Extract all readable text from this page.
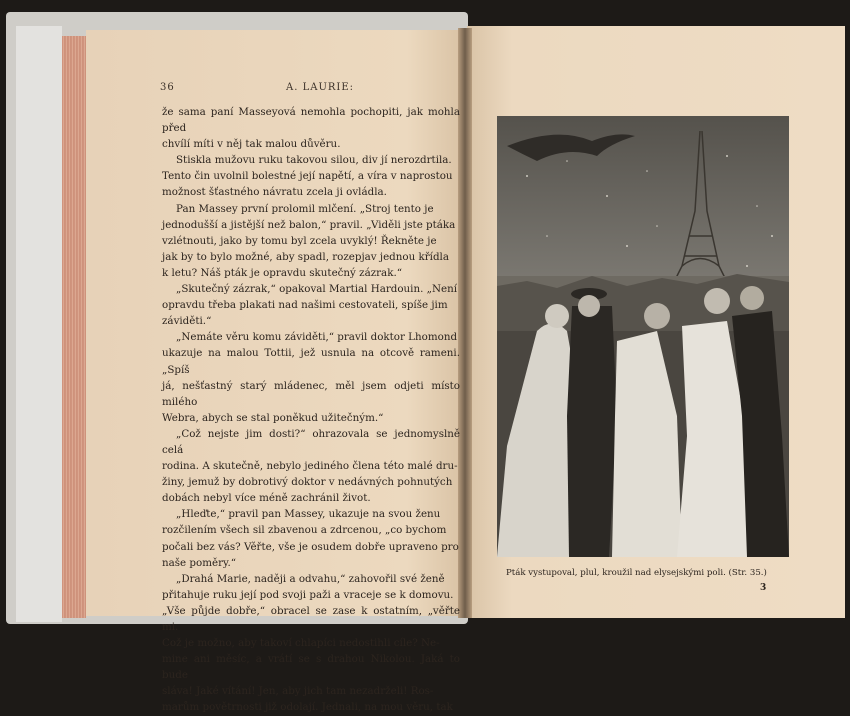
36	A. LAURIE:

že sama paní Masseyová nemohla pochopiti, jak mohla před

chvílí míti v něj tak malou důvěru.

Stiskla mužovu ruku takovou silou, div jí nerozdrtila.

Tento čin uvolnil bolestné její napětí, a víra v naprostou

možnost šťastného návratu zcela ji ovládla.

Pan Massey první prolomil mlčení. „Stroj tento je

jednodušší a jistější než balon,“ pravil. „Viděli jste ptáka

vzlétnouti, jako by tomu byl zcela uvyklý! Řekněte je

jak by to bylo možné, aby spadl, rozepjav jednou křídla

k letu? Náš pták je opravdu skutečný zázrak.“

„Skutečný zázrak,“ opakoval Martial Hardouin. „Není

opravdu třeba plakati nad našimi cestovateli, spíše jim

záviděti.“

„Nemáte věru komu záviděti,“ pravil doktor Lhomond

ukazuje na malou Tottii, jež usnula na otcově rameni. „Spíš

já, nešťastný starý mládenec, měl jsem odjeti místo milého

Webra, abych se stal poněkud užitečným.“

„Což nejste jim dosti?“ ohrazovala se jednomyslně celá

rodina. A skutečně, nebylo jediného člena této malé dru-

žiny, jemuž by dobrotivý doktor v nedávných pohnutých

dobách nebyl více méně zachránil život.

„Hleďte,“ pravil pan Massey, ukazuje na svou ženu

rozčilením všech sil zbavenou a zdrcenou, „co bychom

počali bez vás? Věřte, vše je osudem dobře upraveno pro

naše poměry.“

„Drahá Marie, naději a odvahu,“ zahovořil své ženě

přitahuje ruku její pod svoji paži a vraceje se k domovu.

„Vše půjde dobře,“ obracel se zase k ostatním, „věřte mi.

Což je možno, aby takoví chlapíci nedostihli cíle? Ne-

mine ani měsíc, a vrátí se s drahou Nikolou. Jaká to bude

sláva! Jaké vítání! Jen, aby jich tam nezadrželi! Ros-

marům povětrnosti již odolají. Jednali, na mou věru, tak

Pták vystupoval, plul, kroužil nad elysejskými poli. (Str. 35.)
3
